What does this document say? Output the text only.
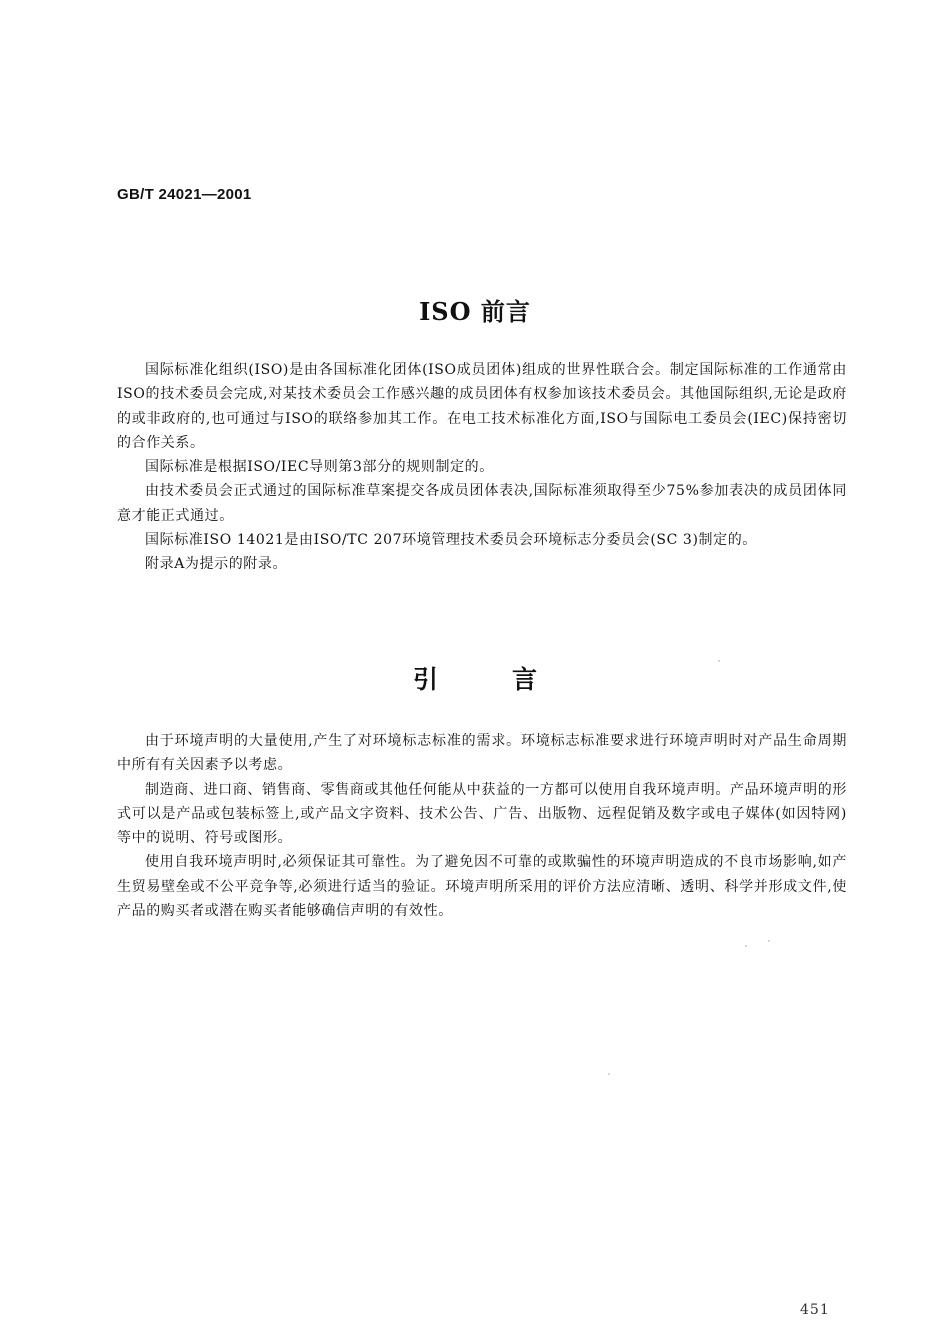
GB/T 24021—2001

ISO 前言

国际标准化组织(ISO)是由各国标准化团体(ISO成员团体)组成的世界性联合会。制定国际标准的工作通常由ISO的技术委员会完成,对某技术委员会工作感兴趣的成员团体有权参加该技术委员会。其他国际组织,无论是政府的或非政府的,也可通过与ISO的联络参加其工作。在电工技术标准化方面,ISO与国际电工委员会(IEC)保持密切的合作关系。

国际标准是根据ISO/IEC导则第3部分的规则制定的。

由技术委员会正式通过的国际标准草案提交各成员团体表决,国际标准须取得至少75%参加表决的成员团体同意才能正式通过。

国际标准ISO 14021是由ISO/TC 207环境管理技术委员会环境标志分委员会(SC 3)制定的。

附录A为提示的附录。

引言

由于环境声明的大量使用,产生了对环境标志标准的需求。环境标志标准要求进行环境声明时对产品生命周期中所有有关因素予以考虑。

制造商、进口商、销售商、零售商或其他任何能从中获益的一方都可以使用自我环境声明。产品环境声明的形式可以是产品或包装标签上,或产品文字资料、技术公告、广告、出版物、远程促销及数字或电子媒体(如因特网)等中的说明、符号或图形。

使用自我环境声明时,必须保证其可靠性。为了避免因不可靠的或欺骗性的环境声明造成的不良市场影响,如产生贸易壁垒或不公平竞争等,必须进行适当的验证。环境声明所采用的评价方法应清晰、透明、科学并形成文件,使产品的购买者或潜在购买者能够确信声明的有效性。

451
